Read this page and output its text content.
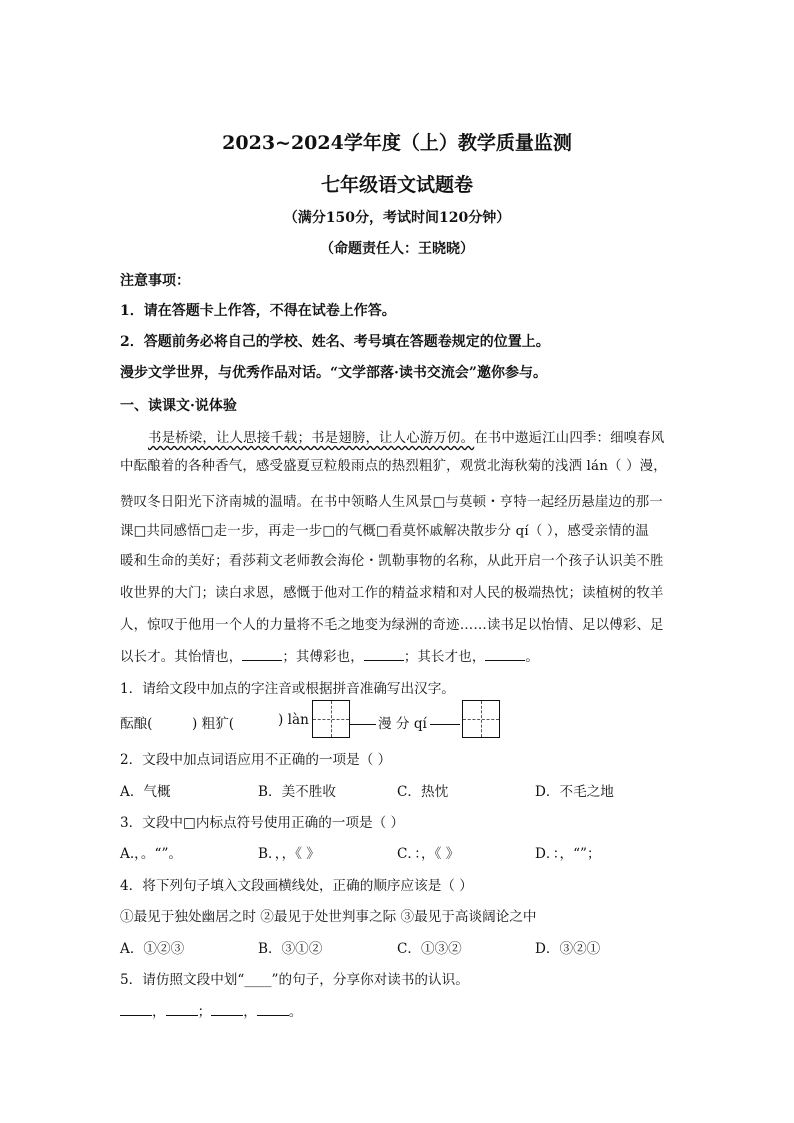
2023~2024学年度（上）教学质量监测
七年级语文试题卷
（满分150分，考试时间120分钟）
（命题责任人：王晓晓）
注意事项：
1．请在答题卡上作答，不得在试卷上作答。
2．答题前务必将自己的学校、姓名、考号填在答题卷规定的位置上。
漫步文学世界，与优秀作品对话。“文学部落·读书交流会”邀你参与。
一、读课文·说体验
书是桥梁，让人思接千载；书是翅膀，让人心游万仞。在书中遨逅江山四季：细嗅春风
中酝酿着的各种香气，感受盛夏豆粒般雨点的热烈粗犷，观赏北海秋菊的浅洒 lán（ ）漫，
赞叹冬日阳光下济南城的温晴。在书中领略人生风景□与莫顿・亨特一起经历悬崖边的那一
课□共同感悟□走一步，再走一步□的气概□看莫怀戚解决散步分 qí（ ），感受亲情的温
暖和生命的美好；看莎莉文老师教会海伦・凯勒事物的名称，从此开启一个孩子认识美不胜
收世界的大门；读白求恩，感慨于他对工作的精益求精和对人民的极端热忱；读植树的牧羊
人，惊叹于他用一个人的力量将不毛之地变为绿洲的奇迹……读书足以怡情、足以傅彩、足
以长才。其怡情也，	；其傅彩也，	；其长才也，	。
1．请给文段中加点的字注音或根据拼音准确写出汉字。
酝酿(	) 粗犷(	) làn	漫 分 qí
2．文段中加点词语应用不正确的一项是（ ）
A．气概	B．美不胜收	C．热忱	D．不毛之地
3．文段中□内标点符号使用正确的一项是（ ）
A.，。“”。	B．，，《 》	C．：，《 》	D．：，“”；
4．将下列句子填入文段画横线处，正确的顺序应该是（ ）
①最见于独处幽居之时 ②最见于处世判事之际 ③最见于高谈阔论之中
A．①②③	B．③①②	C．①③②	D．③②①
5．请仿照文段中划“____”的句子，分享你对读书的认识。
， ； ， 。
